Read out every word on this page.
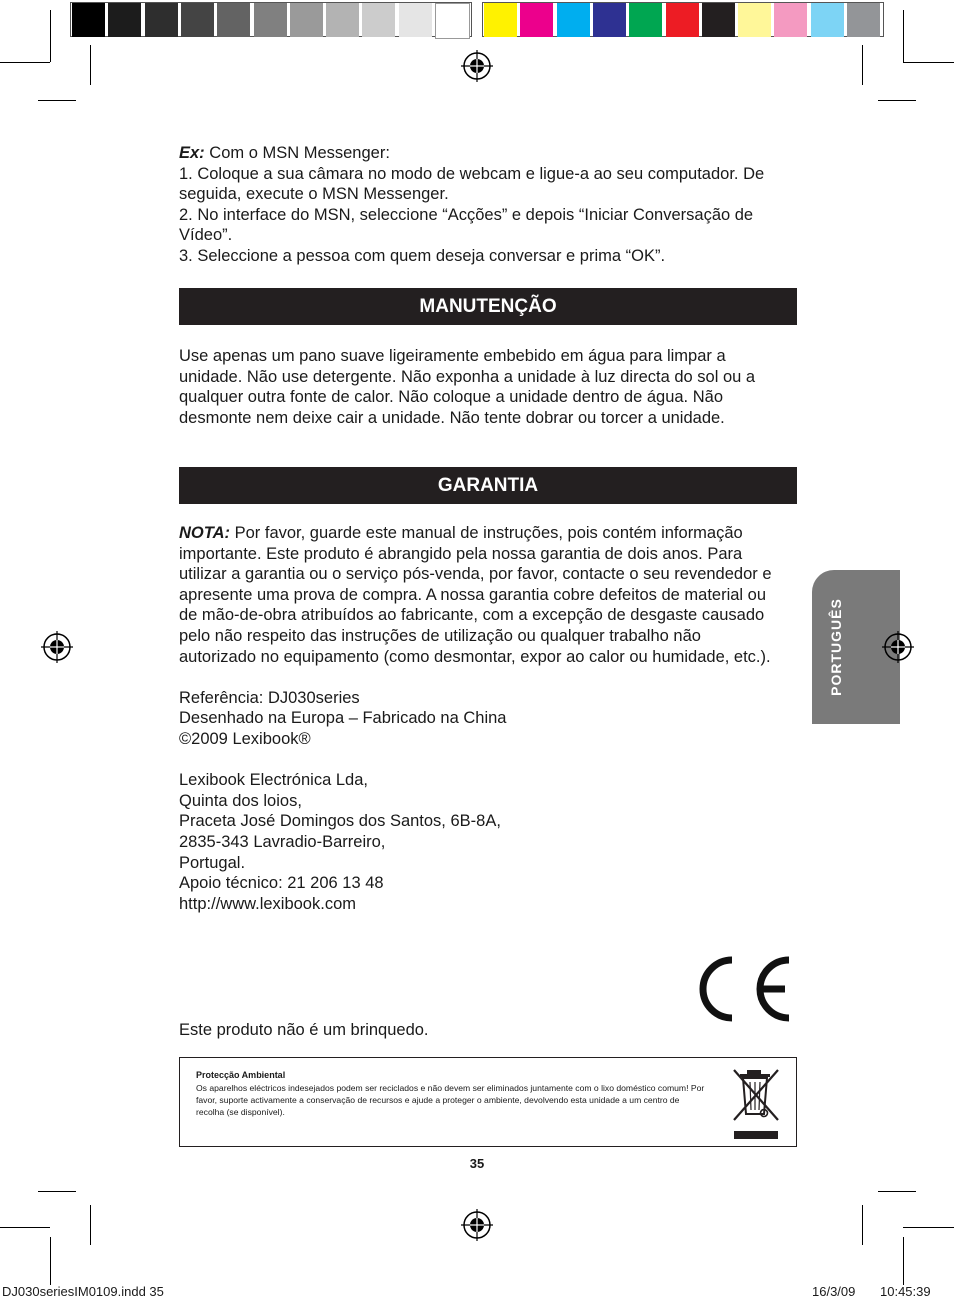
PORTUGUÊS

Ex: Com o MSN Messenger:

1. Coloque a sua câmara no modo de webcam e ligue-a ao seu computador. De seguida, execute o MSN Messenger.

2. No interface do MSN, seleccione “Acções” e depois “Iniciar Conversação de Vídeo”.

3. Seleccione a pessoa com quem deseja conversar e prima “OK”.

MANUTENÇÃO

Use apenas um pano suave ligeiramente embebido em água para limpar a unidade. Não use detergente. Não exponha a unidade à luz directa do sol ou a qualquer outra fonte de calor. Não coloque a unidade dentro de água. Não desmonte nem deixe cair a unidade. Não tente dobrar ou torcer a unidade.

GARANTIA

NOTA: Por favor, guarde este manual de instruções, pois contém informação importante. Este produto é abrangido pela nossa garantia de dois anos. Para utilizar a garantia ou o serviço pós-venda, por favor, contacte o seu revendedor e apresente uma prova de compra. A nossa garantia cobre defeitos de material ou de mão-de-obra atribuídos ao fabricante, com a excepção de desgaste causado pelo não respeito das instruções de utilização ou qualquer trabalho não autorizado no equipamento (como desmontar, expor ao calor ou humidade, etc.).

Referência: DJ030series

Desenhado na Europa – Fabricado na China

©2009 Lexibook®

Lexibook Electrónica Lda,

Quinta dos loios,

Praceta José Domingos dos Santos, 6B-8A,

2835-343 Lavradio-Barreiro,

Portugal.

Apoio técnico: 21 206 13 48

http://www.lexibook.com

Este produto não é um brinquedo.

Protecção Ambiental
Os aparelhos eléctricos indesejados podem ser reciclados e não devem ser eliminados juntamente com o lixo doméstico comum! Por favor, suporte activamente a conservação de recursos e ajude a proteger o ambiente, devolvendo esta unidade a um centro de recolha (se disponível).
35
DJ030seriesIM0109.indd 35	16/3/09 10:45:39
